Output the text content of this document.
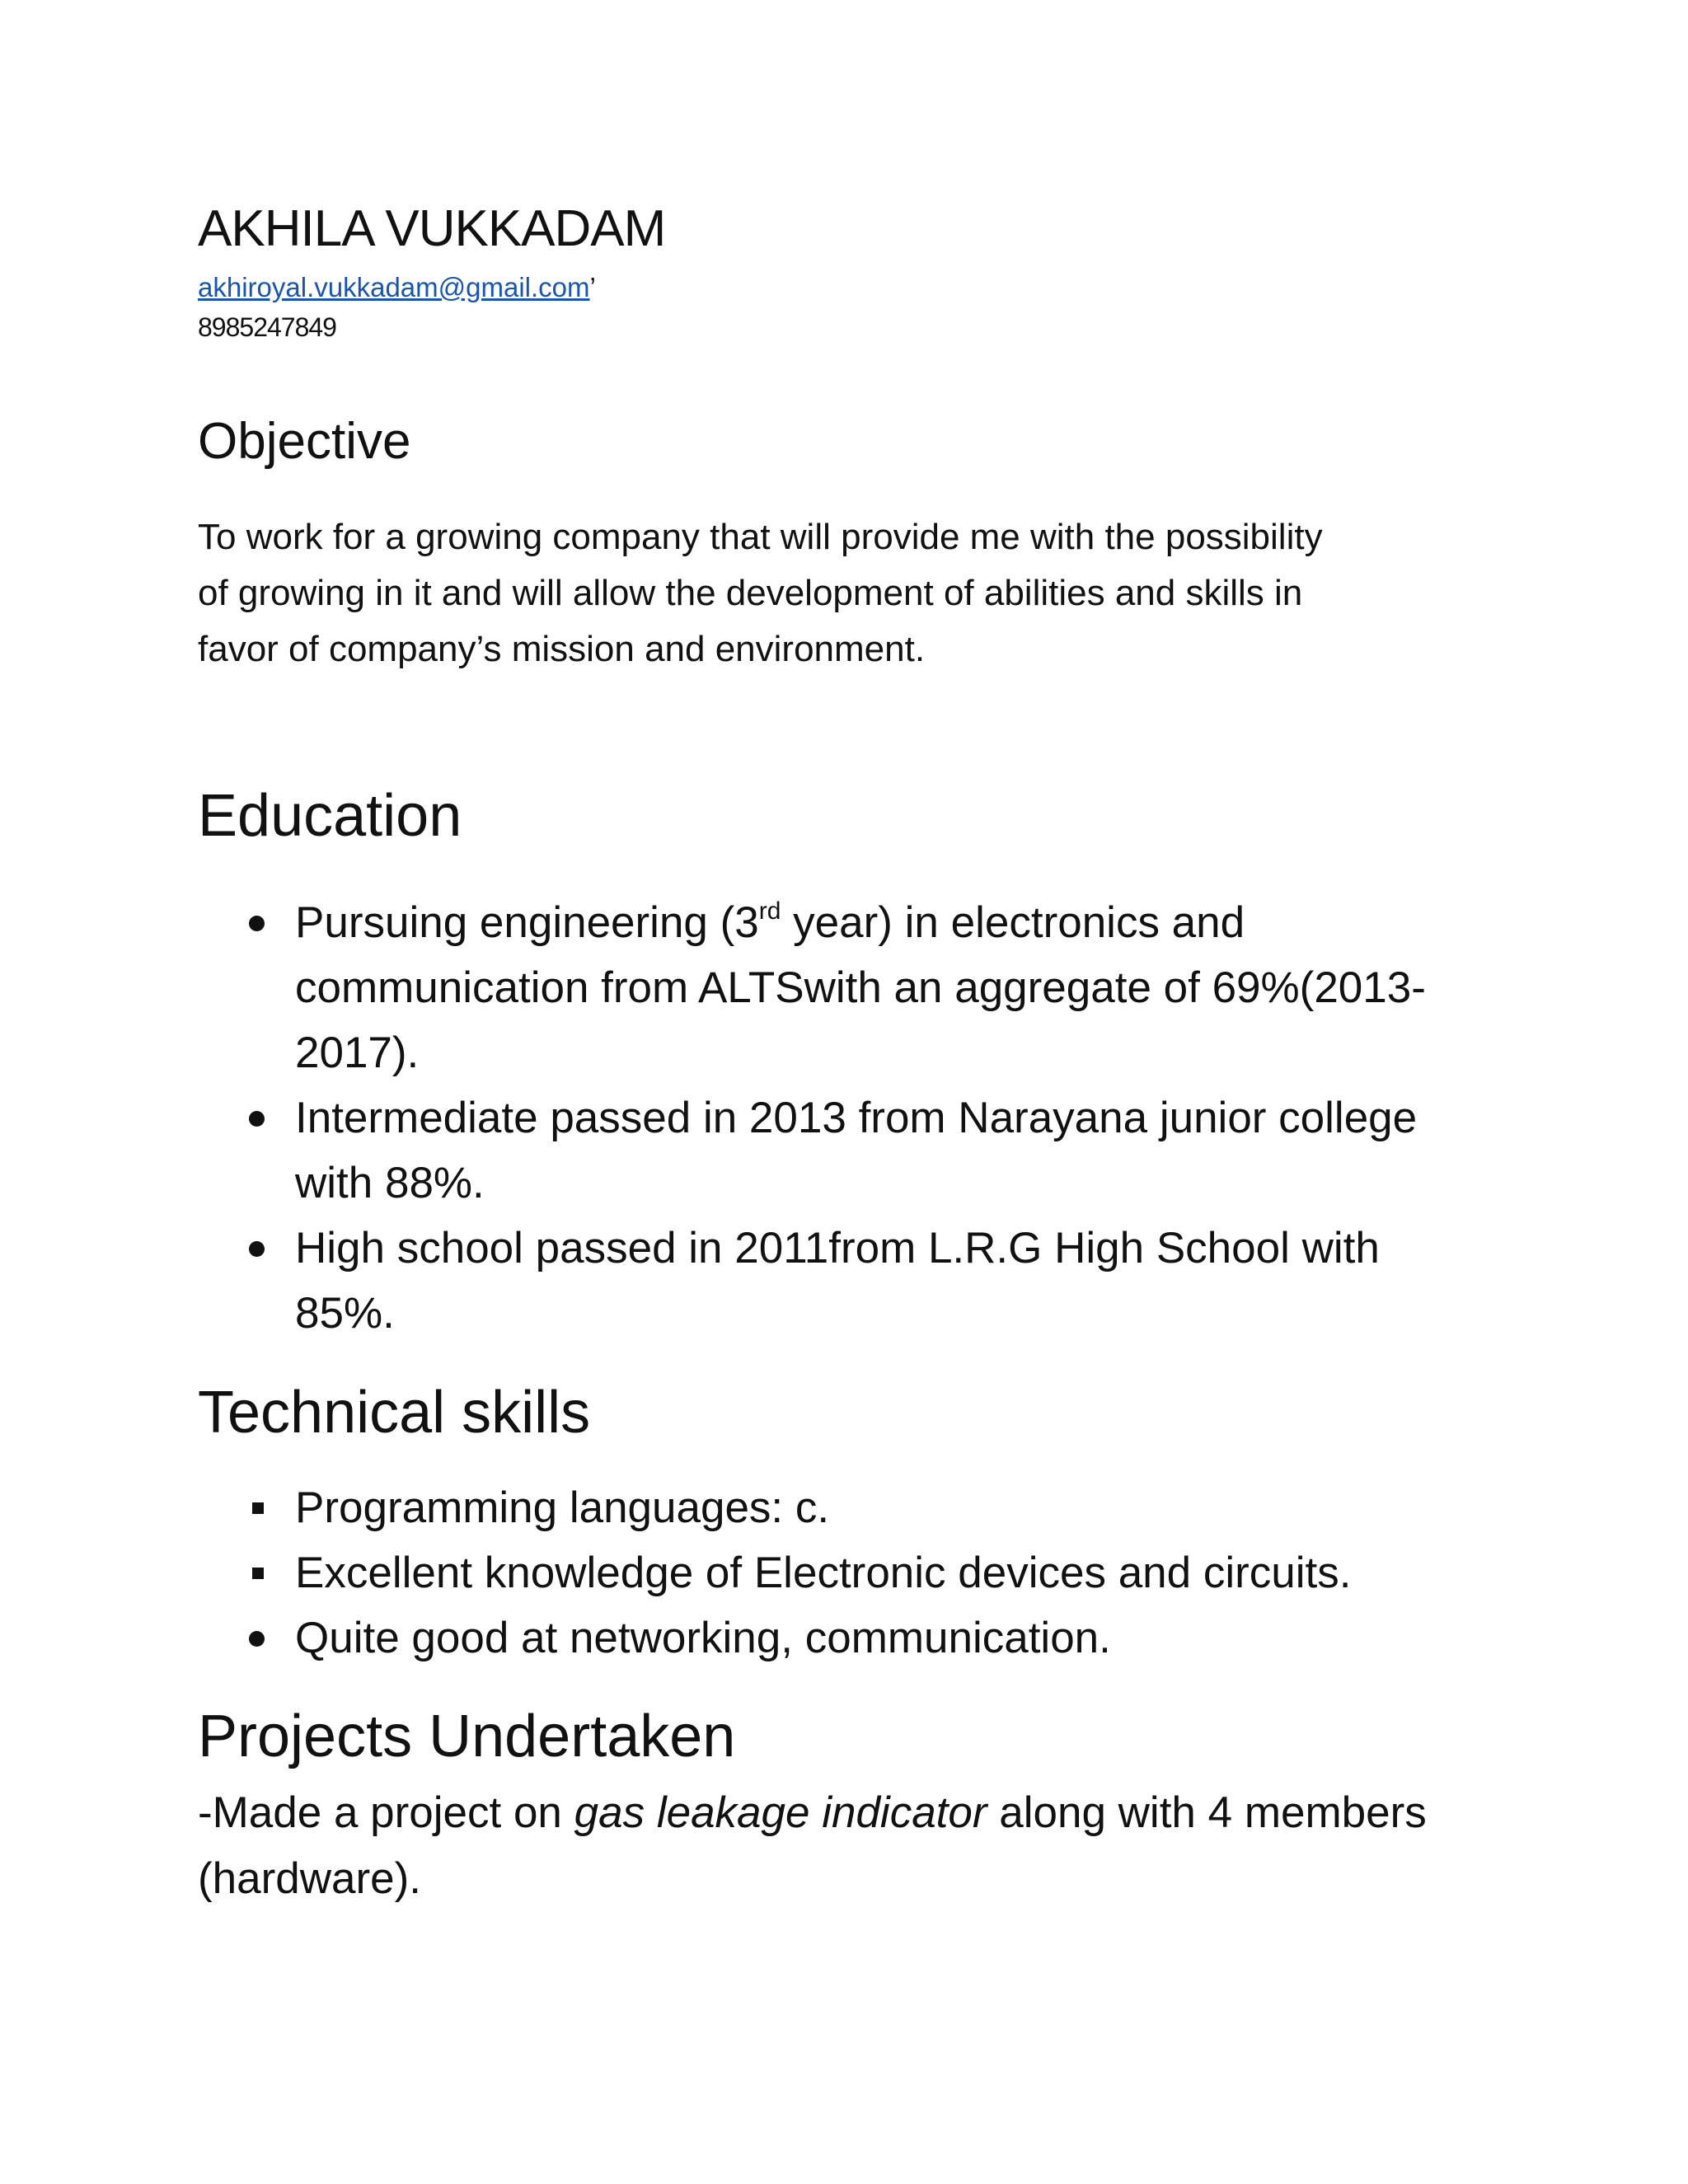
AKHILA VUKKADAM
akhiroyal.vukkadam@gmail.com’
8985247849
Objective
To work for a growing company that will provide me with the possibility
of growing in it and will allow the development of abilities and skills in
favor of company’s mission and environment.
Education
Pursuing engineering (3rd year) in electronics and
communication from ALTSwith an aggregate of 69%(2013-
2017).
Intermediate passed in 2013 from Narayana junior college
with 88%.
High school passed in 2011from L.R.G High School with
85%.
Technical skills
Programming languages: c.
Excellent knowledge of Electronic devices and circuits.
Quite good at networking, communication.
Projects Undertaken
-Made a project on gas leakage indicator along with 4 members
(hardware).
